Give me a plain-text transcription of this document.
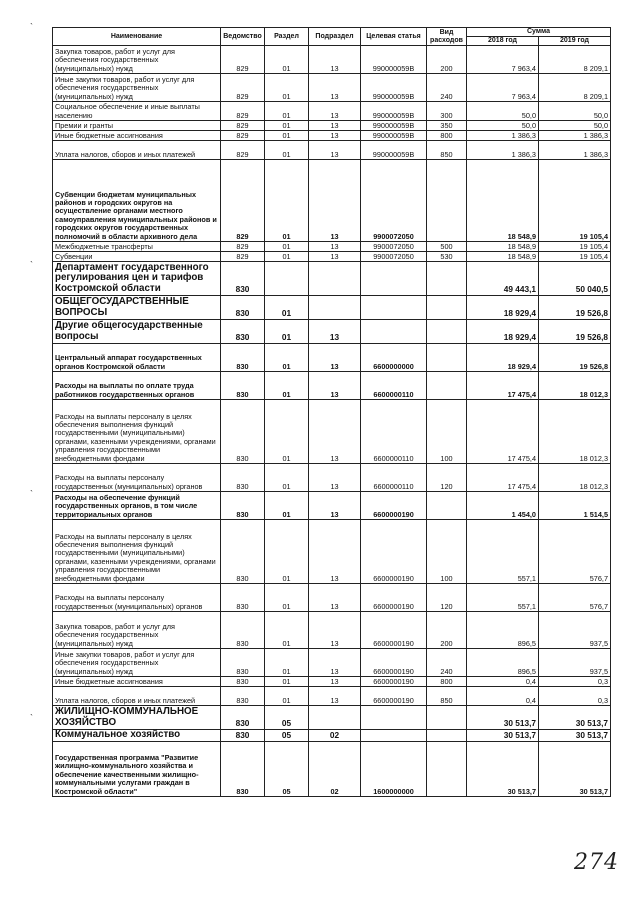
Наименование	Ведомство	Раздел	Подраздел	Целевая статья	Вид расходов	Сумма	
						2018 год	2019 год
Закупка товаров, работ и услуг для обеспечения государственных (муниципальных) нужд	829	01	13	990000059В	200	7 963,4	8 209,1
Иные закупки товаров, работ и услуг для обеспечения государственных (муниципальных) нужд	829	01	13	990000059В	240	7 963,4	8 209,1
Социальное обеспечение и иные выплаты населению	829	01	13	990000059В	300	50,0	50,0
Премии и гранты	829	01	13	990000059В	350	50,0	50,0
Иные бюджетные ассигнования	829	01	13	990000059В	800	1 386,3	1 386,3
Уплата налогов, сборов и иных платежей	829	01	13	990000059В	850	1 386,3	1 386,3
Субвенции бюджетам муниципальных районов и городских округов на осуществление органами местного самоуправления муниципальных районов и городских округов государственных полномочий в области архивного дела	829	01	13	9900072050		18 548,9	19 105,4
Межбюджетные трансферты	829	01	13	9900072050	500	18 548,9	19 105,4
Субвенции	829	01	13	9900072050	530	18 548,9	19 105,4
Департамент государственного регулирования цен и тарифов Костромской области	830					49 443,1	50 040,5
ОБЩЕГОСУДАРСТВЕННЫЕ ВОПРОСЫ	830	01				18 929,4	19 526,8
Другие общегосударственные вопросы	830	01	13			18 929,4	19 526,8
Центральный аппарат государственных органов Костромской области	830	01	13	6600000000		18 929,4	19 526,8
Расходы на выплаты по оплате труда работников государственных органов	830	01	13	6600000110		17 475,4	18 012,3
Расходы на выплаты персоналу в целях обеспечения выполнения функций государственными (муниципальными) органами, казенными учреждениями, органами управления государственными внебюджетными фондами	830	01	13	6600000110	100	17 475,4	18 012,3
Расходы на выплаты персоналу государственных (муниципальных) органов	830	01	13	6600000110	120	17 475,4	18 012,3
Расходы на обеспечение функций государственных органов, в том числе территориальных органов	830	01	13	6600000190		1 454,0	1 514,5
Расходы на выплаты персоналу в целях обеспечения выполнения функций государственными (муниципальными) органами, казенными учреждениями, органами управления государственными внебюджетными фондами	830	01	13	6600000190	100	557,1	576,7
Расходы на выплаты персоналу государственных (муниципальных) органов	830	01	13	6600000190	120	557,1	576,7
Закупка товаров, работ и услуг для обеспечения государственных (муниципальных) нужд	830	01	13	6600000190	200	896,5	937,5
Иные закупки товаров, работ и услуг для обеспечения государственных (муниципальных) нужд	830	01	13	6600000190	240	896,5	937,5
Иные бюджетные ассигнования	830	01	13	6600000190	800	0,4	0,3
Уплата налогов, сборов и иных платежей	830	01	13	6600000190	850	0,4	0,3
ЖИЛИЩНО-КОММУНАЛЬНОЕ ХОЗЯЙСТВО	830	05				30 513,7	30 513,7
Коммунальное хозяйство	830	05	02			30 513,7	30 513,7
Государственная программа "Развитие жилищно-коммунального хозяйства и обеспечение качественными жилищно-коммунальными услугами граждан в Костромской области"	830	05	02	1600000000		30 513,7	30 513,7
`
`
`
`
274
